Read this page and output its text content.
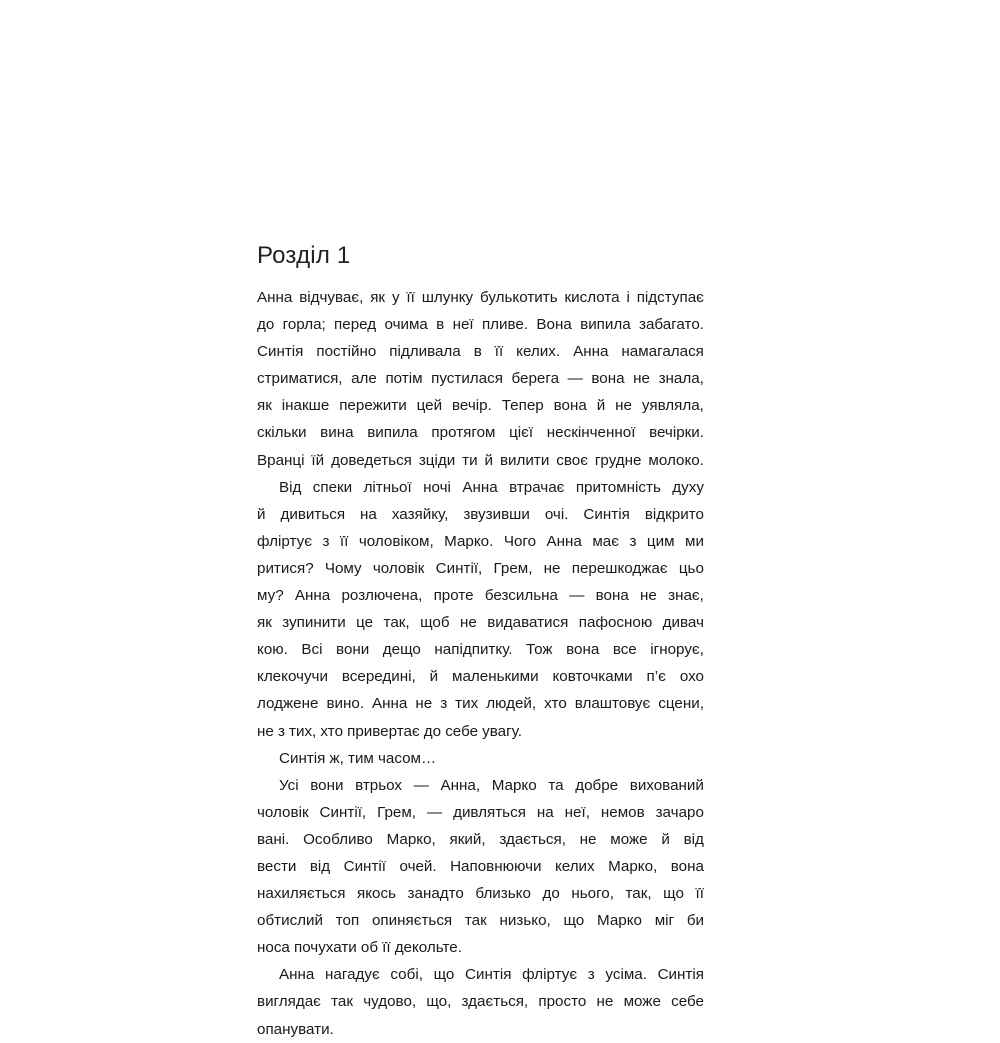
Розділ 1
Анна відчуває, як у її шлунку булькотить кислота і підступає
до горла; перед очима в неї пливе. Вона випила забагато.
Синтія постійно підливала в її келих. Анна намагалася
стриматися, але потім пустилася берега — вона не знала,
як інакше пережити цей вечір. Тепер вона й не уявляла,
скільки вина випила протягом цієї нескінченної вечірки.
Вранці їй доведеться зціди ти й вилити своє грудне молоко.
Від спеки літньої ночі Анна втрачає притомність духу
й дивиться на хазяйку, звузивши очі. Синтія відкрито
фліртує з її чоловіком, Марко. Чого Анна має з цим ми
ритися? Чому чоловік Синтії, Грем, не перешкоджає цьо
му? Анна розлючена, проте безсильна — вона не знає,
як зупинити це так, щоб не видаватися пафосною дивач
кою. Всі вони дещо напідпитку. Тож вона все ігнорує,
клекочучи всередині, й маленькими ковточками п’є охо
лоджене вино. Анна не з тих людей, хто влаштовує сцени,
не з тих, хто привертає до себе увагу.
Синтія ж, тим часом…
Усі вони втрьох — Анна, Марко та добре вихований
чоловік Синтії, Грем, — дивляться на неї, немов зачаро
вані. Особливо Марко, який, здається, не може й від
вести від Синтії очей. Наповнюючи келих Марко, вона
нахиляється якось занадто близько до нього, так, що її
обтислий топ опиняється так низько, що Марко міг би
носа почухати об її декольте.
Анна нагадує собі, що Синтія фліртує з усіма. Синтія
виглядає так чудово, що, здається, просто не може себе
опанувати.
